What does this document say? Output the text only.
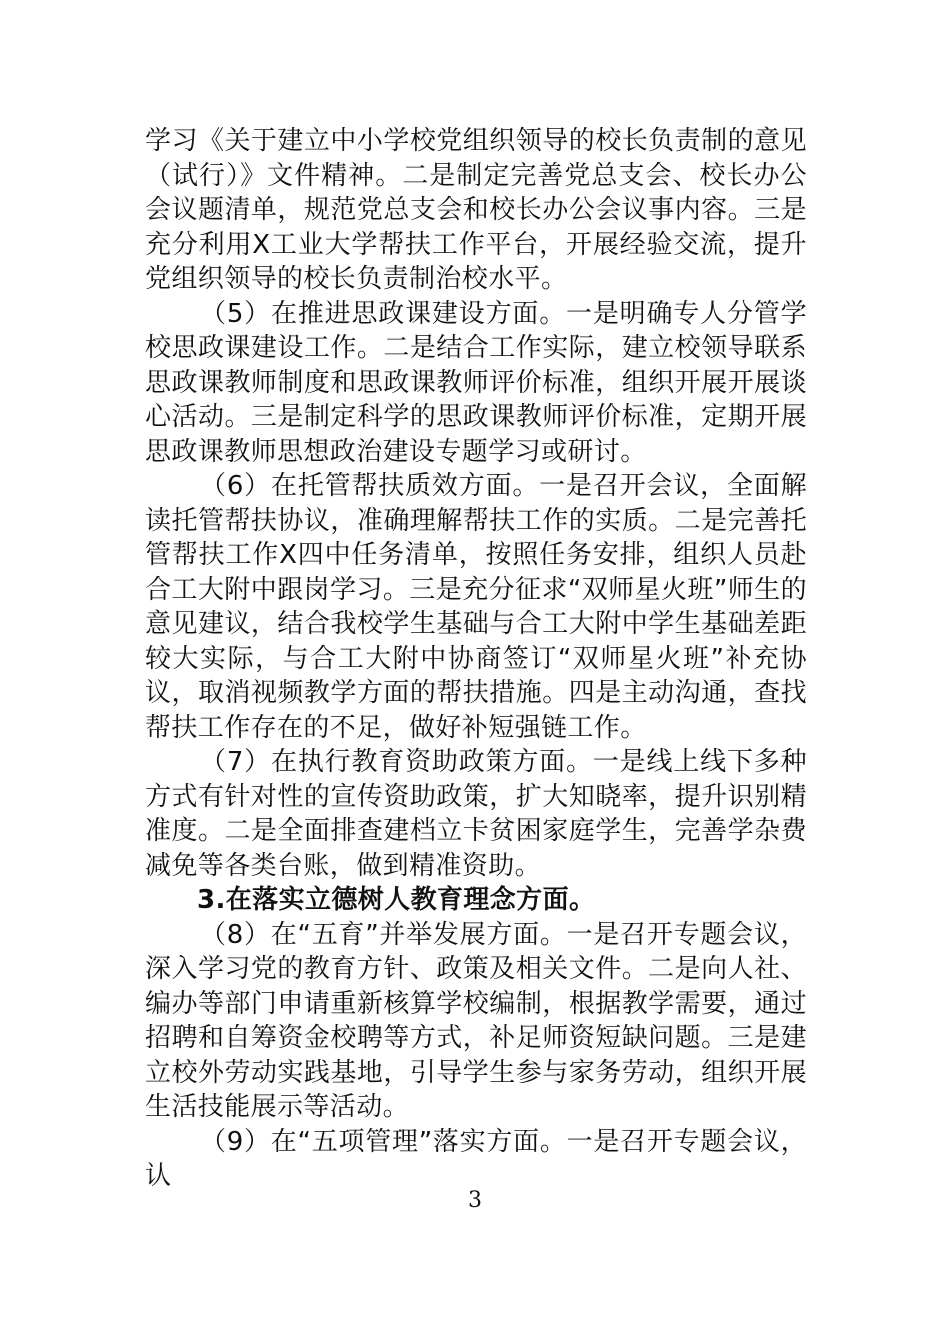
学习《关于建立中小学校党组织领导的校长负责制的意见（试行）》文件精神。二是制定完善党总支会、校长办公会议题清单，规范党总支会和校长办公会议事内容。三是充分利用X工业大学帮扶工作平台，开展经验交流，提升党组织领导的校长负责制治校水平。

（5）在推进思政课建设方面。一是明确专人分管学校思政课建设工作。二是结合工作实际，建立校领导联系思政课教师制度和思政课教师评价标准，组织开展开展谈心活动。三是制定科学的思政课教师评价标准，定期开展思政课教师思想政治建设专题学习或研讨。

（6）在托管帮扶质效方面。一是召开会议，全面解读托管帮扶协议，准确理解帮扶工作的实质。二是完善托管帮扶工作X四中任务清单，按照任务安排，组织人员赴合工大附中跟岗学习。三是充分征求“双师星火班”师生的意见建议，结合我校学生基础与合工大附中学生基础差距较大实际，与合工大附中协商签订“双师星火班”补充协议，取消视频教学方面的帮扶措施。四是主动沟通，查找帮扶工作存在的不足，做好补短强链工作。

（7）在执行教育资助政策方面。一是线上线下多种方式有针对性的宣传资助政策，扩大知晓率，提升识别精准度。二是全面排查建档立卡贫困家庭学生，完善学杂费减免等各类台账，做到精准资助。

3.在落实立德树人教育理念方面。

（8）在“五育”并举发展方面。一是召开专题会议，深入学习党的教育方针、政策及相关文件。二是向人社、编办等部门申请重新核算学校编制，根据教学需要，通过招聘和自筹资金校聘等方式，补足师资短缺问题。三是建立校外劳动实践基地，引导学生参与家务劳动，组织开展生活技能展示等活动。

（9）在“五项管理”落实方面。一是召开专题会议，认

3
